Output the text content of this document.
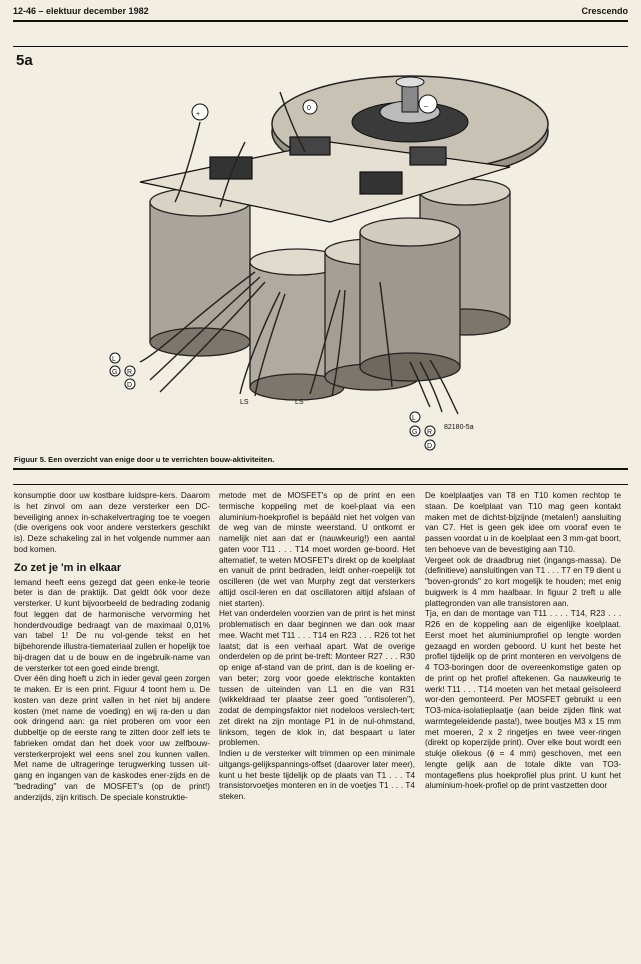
12-46 – elektuur december 1982	Crescendo
5a
+
0	–
L
G R
D
L
G R
D
LS	LS
82180-5a
Figuur 5. Een overzicht van enige door u te verrichten bouw-aktiviteiten.

konsumptie door uw kostbare luidspre-kers. Daarom is het zinvol om aan deze versterker een DC-beveiliging annex in-schakelvertraging toe te voegen (die overigens ook voor andere versterkers geschikt is). Deze schakeling zal in het volgende nummer aan bod komen.

Zo zet je 'm in elkaar

Iemand heeft eens gezegd dat geen enke-le teorie beter is dan de praktijk. Dat geldt óók voor deze versterker. U kunt bijvoorbeeld de bedrading zodanig fout leggen dat de harmonische vervorming het honderdvoudige bedraagt van de maximaal 0,01% van tabel 1! De nu vol-gende tekst en het bijbehorende illustra-tiemateriaal zullen er hopelijk toe bij-dragen dat u de bouw en de ingebruik-name van de versterker tot een goed einde brengt.

Over één ding hoeft u zich in ieder geval geen zorgen te maken. Er is een print. Figuur 4 toont hem u. De kosten van deze print vallen in het niet bij andere kosten (met name de voeding) en wij ra-den u dan ook dringend aan: ga niet proberen om voor een dubbeltje op de eerste rang te zitten door zelf iets te fabrieken omdat dan het doek voor uw zelfbouw-versterkerprojekt wel eens snel zou kunnen vallen. Met name de ultrageringe terugwerking tussen uit-gang en ingangen van de kaskodes ener-zijds en de "bedrading" van de MOSFET's (op de print!) anderzijds, zijn kritisch. De speciale konstruktie-

metode met de MOSFET's op de print en een termische koppeling met de koel-plaat via een aluminium-hoekprofiel is bepááld niet het volgen van de weg van de minste weerstand. U ontkomt er namelijk niet aan dat er (nauwkeurig!) een aantal gaten voor T11 . . . T14 moet worden ge-boord. Het alternatief, te weten MOSFET's direkt op de koelplaat en vanuit de print bedraden, leidt onher-roepelijk tot oscilleren (de wet van Murphy zegt dat versterkers altijd oscil-leren en dat oscillatoren altijd afslaan of niet starten).

Het van onderdelen voorzien van de print is het minst problematisch en daar beginnen we dan ook maar mee. Wacht met T11 . . . T14 en R23 . . . R26 tot het laatst; dat is een verhaal apart. Wat de overige onderdelen op de print be-treft: Monteer R27 . . . R30 op enige af-stand van de print, dan is de koeling er-van beter; zorg voor goede elektrische kontakten tussen de uiteinden van L1 en die van R31 (wikkeldraad ter plaatse zeer goed "ontisoleren"), zodat de dempingsfaktor niet nodeloos verslech-tert; zet direkt na zijn montage P1 in de nul-ohmstand, linksom, tegen de klok in, dat bespaart u later problemen.

Indien u de versterker wilt trimmen op een minimale uitgangs-gelijkspannings-offset (daarover later meer), kunt u het beste tijdelijk op de plaats van T1 . . . T4 transistorvoetjes monteren en in de voetjes T1 . . . T4 steken.

De koelplaatjes van T8 en T10 komen rechtop te staan. De koelplaat van T10 mag geen kontakt maken met de dichtst-bijzijnde (metalen!) aansluiting van C7. Het is geen gek idee om vooraf even te passen voordat u in de koelplaat een 3 mm-gat boort, ten behoeve van de bevestiging aan T10.

Vergeet ook de draadbrug niet (ingangs-massa). De (definitieve) aansluitingen van T1 . . . T7 en T9 dient u "boven-gronds" zo kort mogelijk te houden; met enig buigwerk is 4 mm haalbaar. In figuur 2 treft u alle plattegronden van alle transistoren aan.

Tja, en dan de montage van T11 . . . . T14, R23 . . . R26 en de koppeling aan de eigenlijke koelplaat. Eerst moet het aluminiumprofiel op lengte worden gezaagd en worden geboord. U kunt het beste het profiel tijdelijk op de print monteren en vervolgens de 4 TO3-boringen door de overeenkomstige gaten op de print op het profiel aftekenen. Ga nauwkeurig te werk! T11 . . . T14 moeten van het metaal geïsoleerd wor-den gemonteerd. Per MOSFET gebruikt u een TO3-mica-isolatieplaatje (aan beide zijden flink wat warmtegeleidende pasta!), twee boutjes M3 x 15 mm met moeren, 2 x 2 ringetjes en twee veer-ringen (direkt op koperzijde print). Over elke bout wordt een stukje oliekous (ϕ = 4 mm) geschoven, met een lengte gelijk aan de totale dikte van TO3-montageflens plus hoekprofiel plus print. U kunt het aluminium-hoek-profiel op de print vastzetten door
